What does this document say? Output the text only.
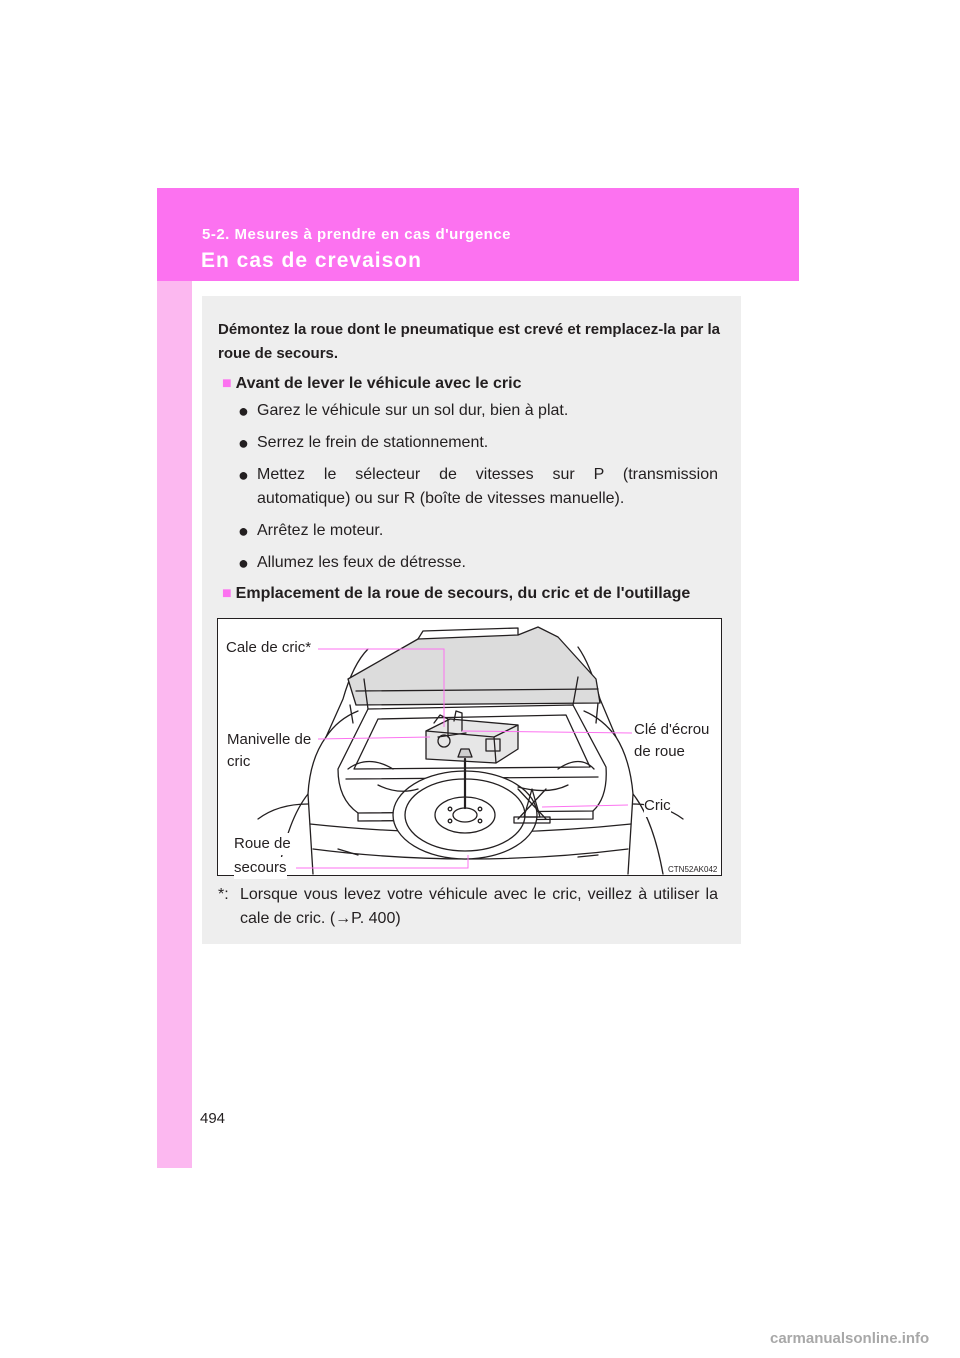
5-2. Mesures à prendre en cas d'urgence
En cas de crevaison
Démontez la roue dont le pneumatique est crevé et remplacez-la par la roue de secours.
■ Avant de lever le véhicule avec le cric
● Garez le véhicule sur un sol dur, bien à plat.
● Serrez le frein de stationnement.
● Mettez le sélecteur de vitesses sur P (transmission
automatique) ou sur R (boîte de vitesses manuelle).
● Arrêtez le moteur.
● Allumez les feux de détresse.
■ Emplacement de la roue de secours, du cric et de l'outillage
Cale de cric*
Manivelle de
cric
Clé d'écrou
de roue
Cric
Roue de
secours	CTN52AK042
*: Lorsque vous levez votre véhicule avec le cric, veillez à utiliser la cale de cric. (→P. 400)
494
carmanualsonline.info
